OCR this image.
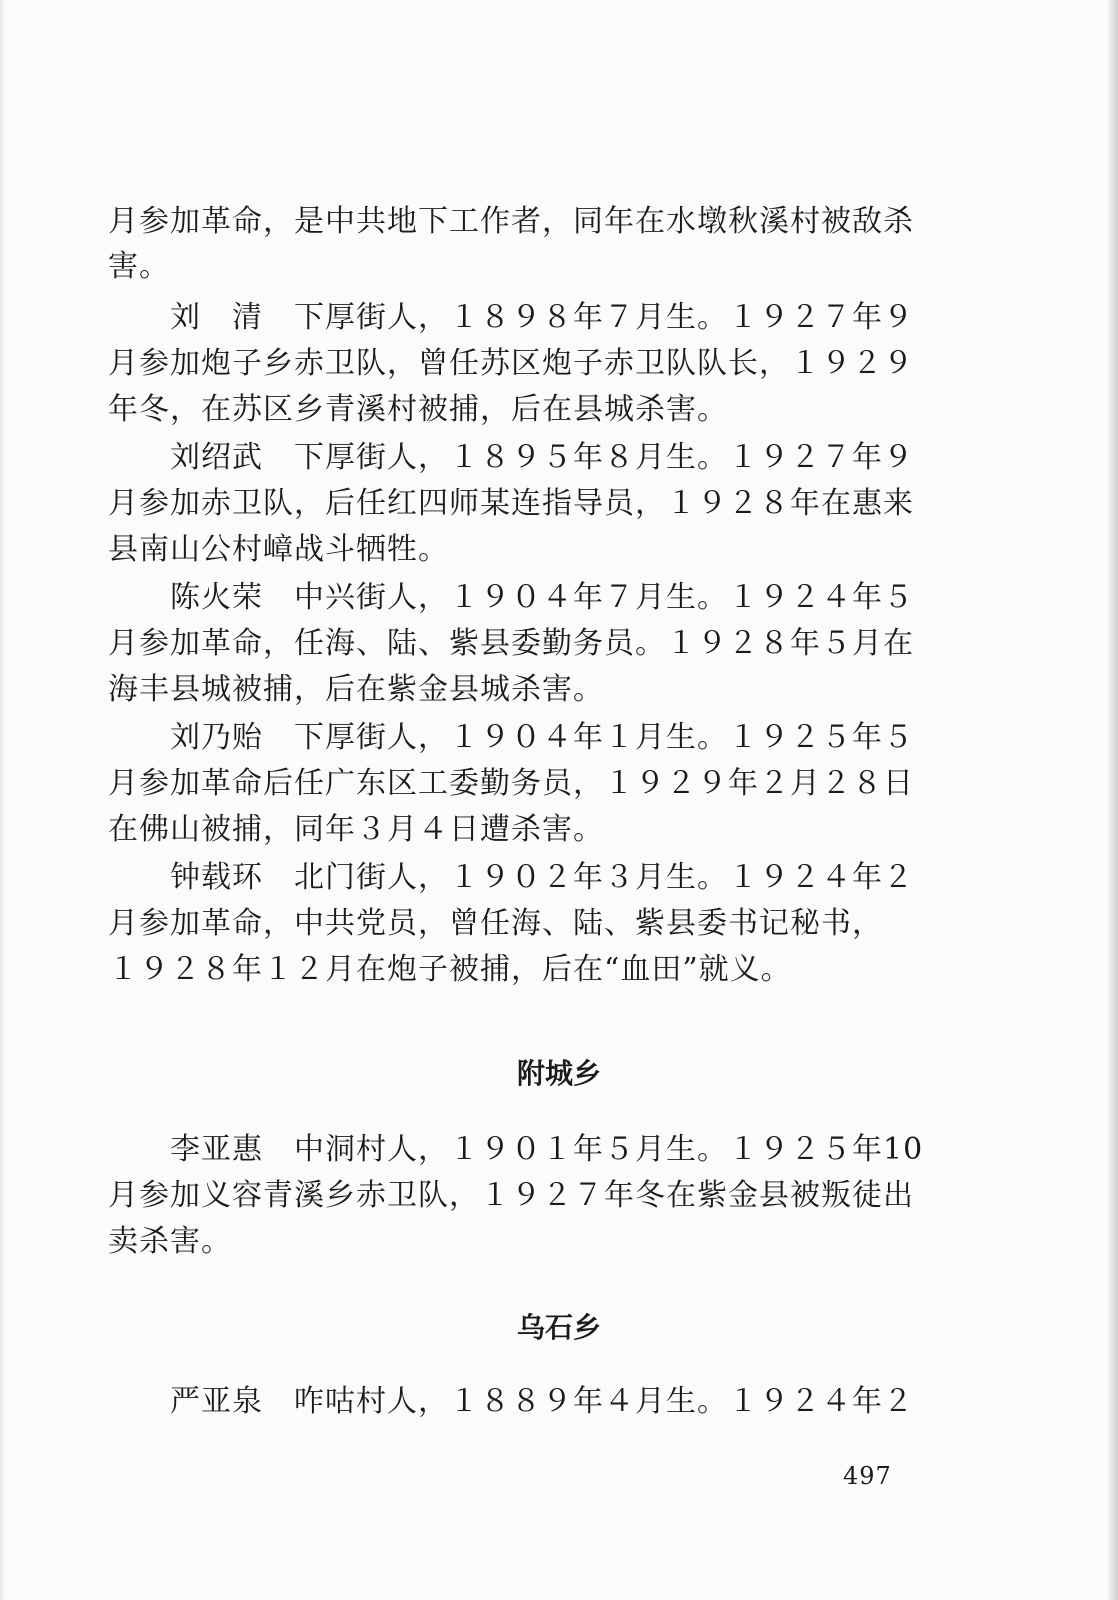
月参加革命，是中共地下工作者，同年在水墩秋溪村被敌杀
害。
刘　清　下厚街人，１８９８年７月生。１９２７年９
月参加炮子乡赤卫队，曾任苏区炮子赤卫队队长，１９２９
年冬，在苏区乡青溪村被捕，后在县城杀害。
刘绍武　下厚街人，１８９５年８月生。１９２７年９
月参加赤卫队，后任红四师某连指导员，１９２８年在惠来
县南山公村嶂战斗牺牲。
陈火荣　中兴街人，１９０４年７月生。１９２４年５
月参加革命，任海、陆、紫县委勤务员。１９２８年５月在
海丰县城被捕，后在紫金县城杀害。
刘乃贻　下厚街人，１９０４年１月生。１９２５年５
月参加革命后任广东区工委勤务员，１９２９年２月２８日
在佛山被捕，同年３月４日遭杀害。
钟载环　北门街人，１９０２年３月生。１９２４年２
月参加革命，中共党员，曾任海、陆、紫县委书记秘书，
１９２８年１２月在炮子被捕，后在“血田”就义。
附城乡
李亚惠　中洞村人，１９０１年５月生。１９２５年10
月参加义容青溪乡赤卫队，１９２７年冬在紫金县被叛徒出
卖杀害。
乌石乡
严亚泉　咋咕村人，１８８９年４月生。１９２４年２
497
